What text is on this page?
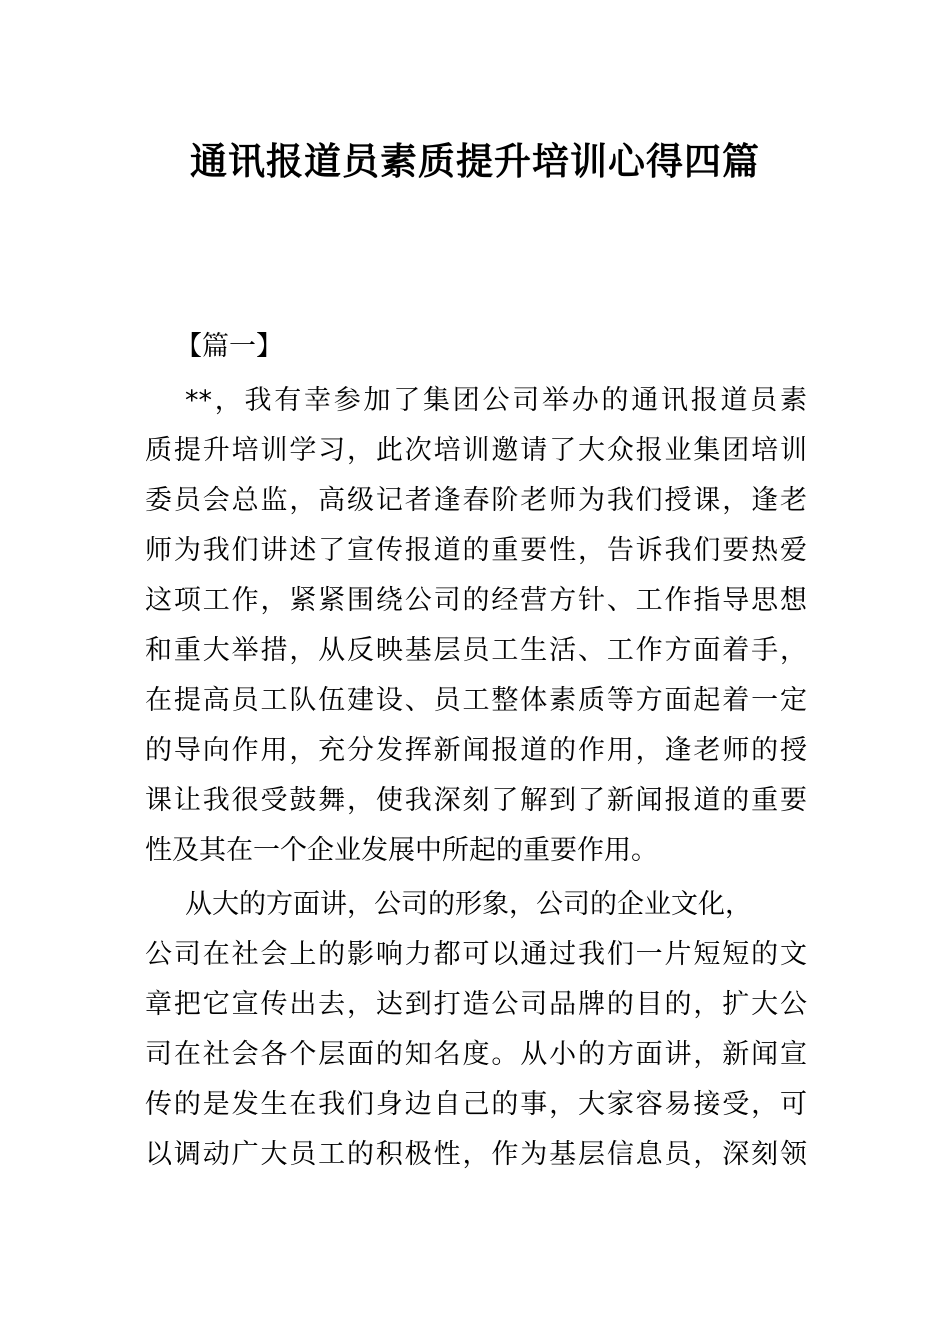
通讯报道员素质提升培训心得四篇
【篇一】
**，我有幸参加了集团公司举办的通讯报道员素
质提升培训学习，此次培训邀请了大众报业集团培训
委员会总监，高级记者逢春阶老师为我们授课，逢老
师为我们讲述了宣传报道的重要性，告诉我们要热爱
这项工作，紧紧围绕公司的经营方针、工作指导思想
和重大举措，从反映基层员工生活、工作方面着手，
在提高员工队伍建设、员工整体素质等方面起着一定
的导向作用，充分发挥新闻报道的作用，逢老师的授
课让我很受鼓舞，使我深刻了解到了新闻报道的重要
性及其在一个企业发展中所起的重要作用。
从大的方面讲，公司的形象，公司的企业文化，
公司在社会上的影响力都可以通过我们一片短短的文
章把它宣传出去，达到打造公司品牌的目的，扩大公
司在社会各个层面的知名度。从小的方面讲，新闻宣
传的是发生在我们身边自己的事，大家容易接受，可
以调动广大员工的积极性，作为基层信息员，深刻领
